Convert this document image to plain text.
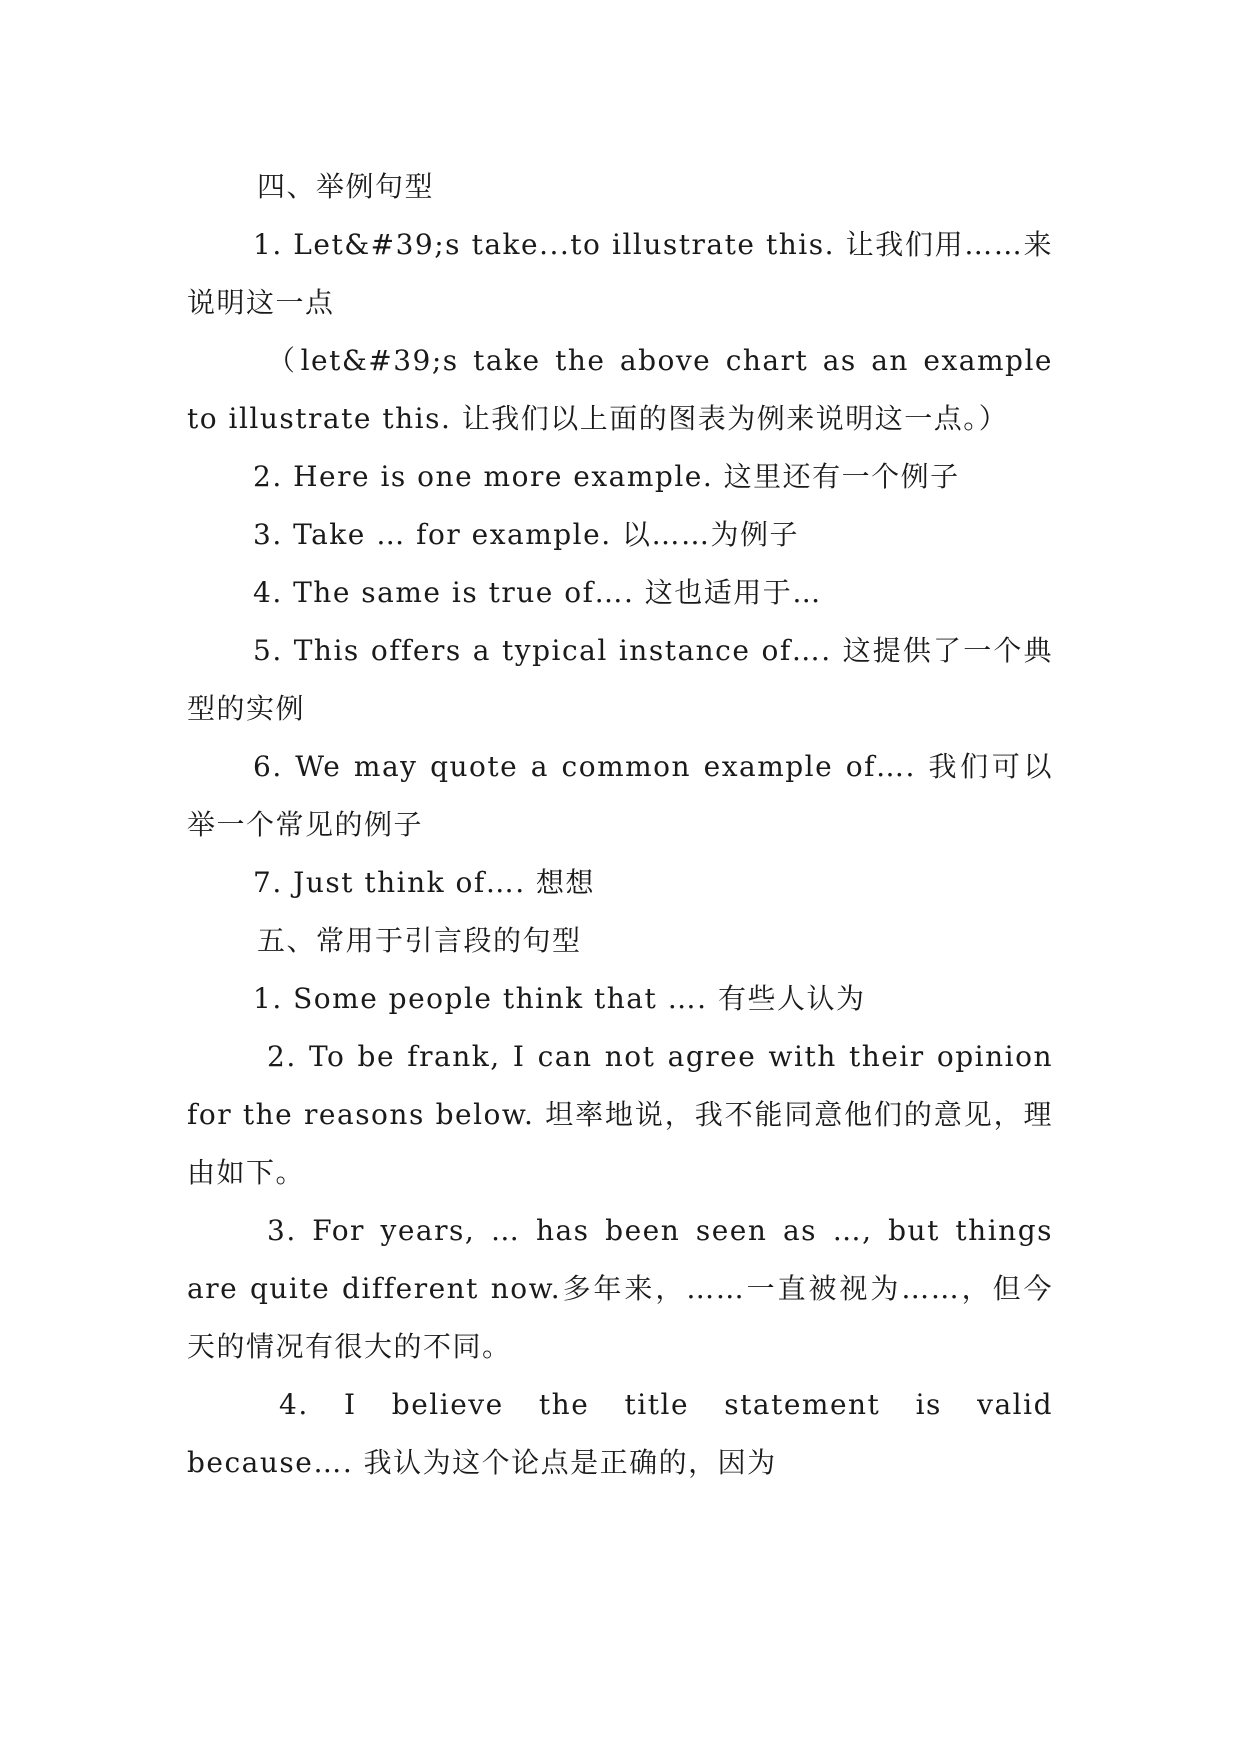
四、举例句型

1. Let&#39;s take...to illustrate this. 让我们用……来说明这一点

（let&#39;s take the above chart as an example to illustrate this. 让我们以上面的图表为例来说明这一点。）

2. Here is one more example. 这里还有一个例子

3. Take … for example. 以……为例子

4. The same is true of…. 这也适用于…

5. This offers a typical instance of…. 这提供了一个典型的实例

6. We may quote a common example of…. 我们可以举一个常见的例子

7. Just think of…. 想想

五、常用于引言段的句型

1. Some people think that …. 有些人认为

2. To be frank, I can not agree with their opinion for the reasons below. 坦率地说，我不能同意他们的意见，理由如下。

3. For years, … has been seen as …, but things are quite different now.多年来，……一直被视为……，但今天的情况有很大的不同。

4. I believe the title statement is valid because…. 我认为这个论点是正确的，因为
